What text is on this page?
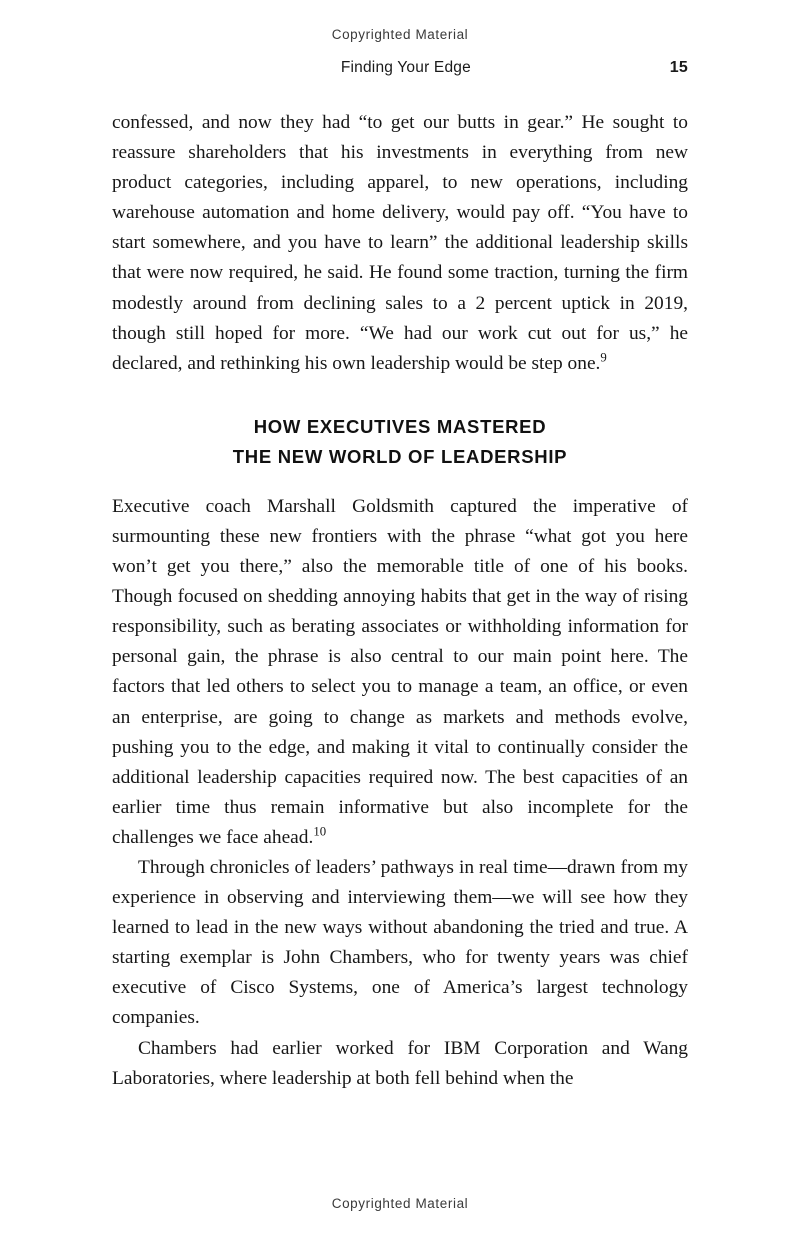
Copyrighted Material
Finding Your Edge	15

confessed, and now they had “to get our butts in gear.” He sought to reassure shareholders that his investments in everything from new product categories, including apparel, to new operations, including warehouse automation and home delivery, would pay off. “You have to start somewhere, and you have to learn” the additional leadership skills that were now required, he said. He found some traction, turning the firm modestly around from declining sales to a 2 percent uptick in 2019, though still hoped for more. “We had our work cut out for us,” he declared, and rethinking his own leadership would be step one.$^9$

HOW EXECUTIVES MASTERED
THE NEW WORLD OF LEADERSHIP

Executive coach Marshall Goldsmith captured the imperative of surmounting these new frontiers with the phrase “what got you here won’t get you there,” also the memorable title of one of his books. Though focused on shedding annoying habits that get in the way of rising responsibility, such as berating associates or withholding information for personal gain, the phrase is also central to our main point here. The factors that led others to select you to manage a team, an office, or even an enterprise, are going to change as markets and methods evolve, pushing you to the edge, and making it vital to continually consider the additional leadership capacities required now. The best capacities of an earlier time thus remain informative but also incomplete for the challenges we face ahead.$^{10}$

Through chronicles of leaders’ pathways in real time—drawn from my experience in observing and interviewing them—we will see how they learned to lead in the new ways without abandoning the tried and true. A starting exemplar is John Chambers, who for twenty years was chief executive of Cisco Systems, one of America’s largest technology companies.

Chambers had earlier worked for IBM Corporation and Wang Laboratories, where leadership at both fell behind when the

Copyrighted Material
